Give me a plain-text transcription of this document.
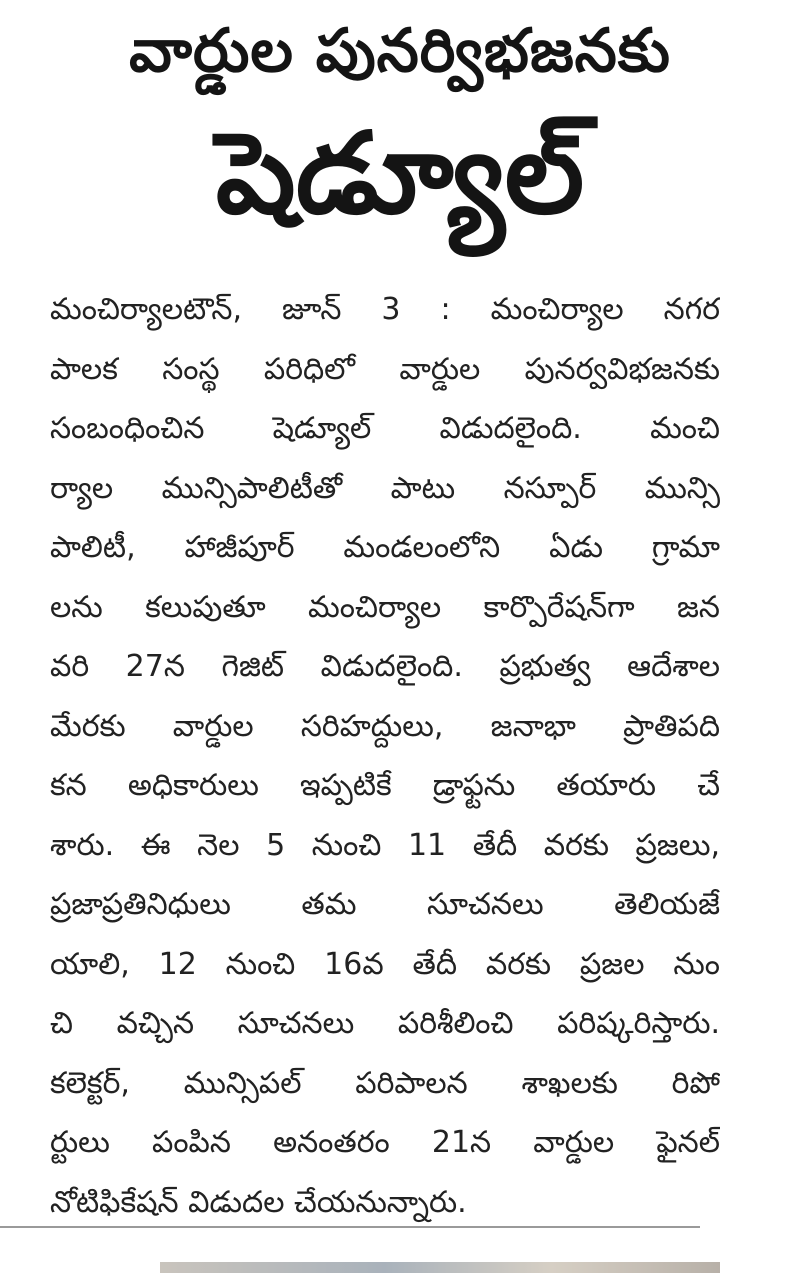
వార్డుల పునర్విభజనకు
షెడ్యూల్
మంచిర్యాలటౌన్, జూన్ 3 : మంచిర్యాల నగర
పాలక సంస్థ పరిధిలో వార్డుల పునర్వవిభజనకు
సంబంధించిన షెడ్యూల్ విడుదలైంది. మంచి
ర్యాల మున్సిపాలిటీతో పాటు నస్పూర్ మున్సి
పాలిటీ, హాజీపూర్ మండలంలోని ఏడు గ్రామా
లను కలుపుతూ మంచిర్యాల కార్పొరేషన్‌గా జన
వరి 27న గెజిట్ విడుదలైంది. ప్రభుత్వ ఆదేశాల
మేరకు వార్డుల సరిహద్దులు, జనాభా ప్రాతిపది
కన అధికారులు ఇప్పటికే డ్రాఫ్టను తయారు చే
శారు. ఈ నెల 5 నుంచి 11 తేదీ వరకు ప్రజలు,
ప్రజాప్రతినిధులు తమ సూచనలు తెలియజే
యాలి, 12 నుంచి 16వ తేదీ వరకు ప్రజల నుం
చి వచ్చిన సూచనలు పరిశీలించి పరిష్కరిస్తారు.
కలెక్టర్, మున్సిపల్ పరిపాలన శాఖలకు రిపో
ర్టులు పంపిన అనంతరం 21న వార్డుల ఫైనల్
నోటిఫికేషన్ విడుదల చేయనున్నారు.
